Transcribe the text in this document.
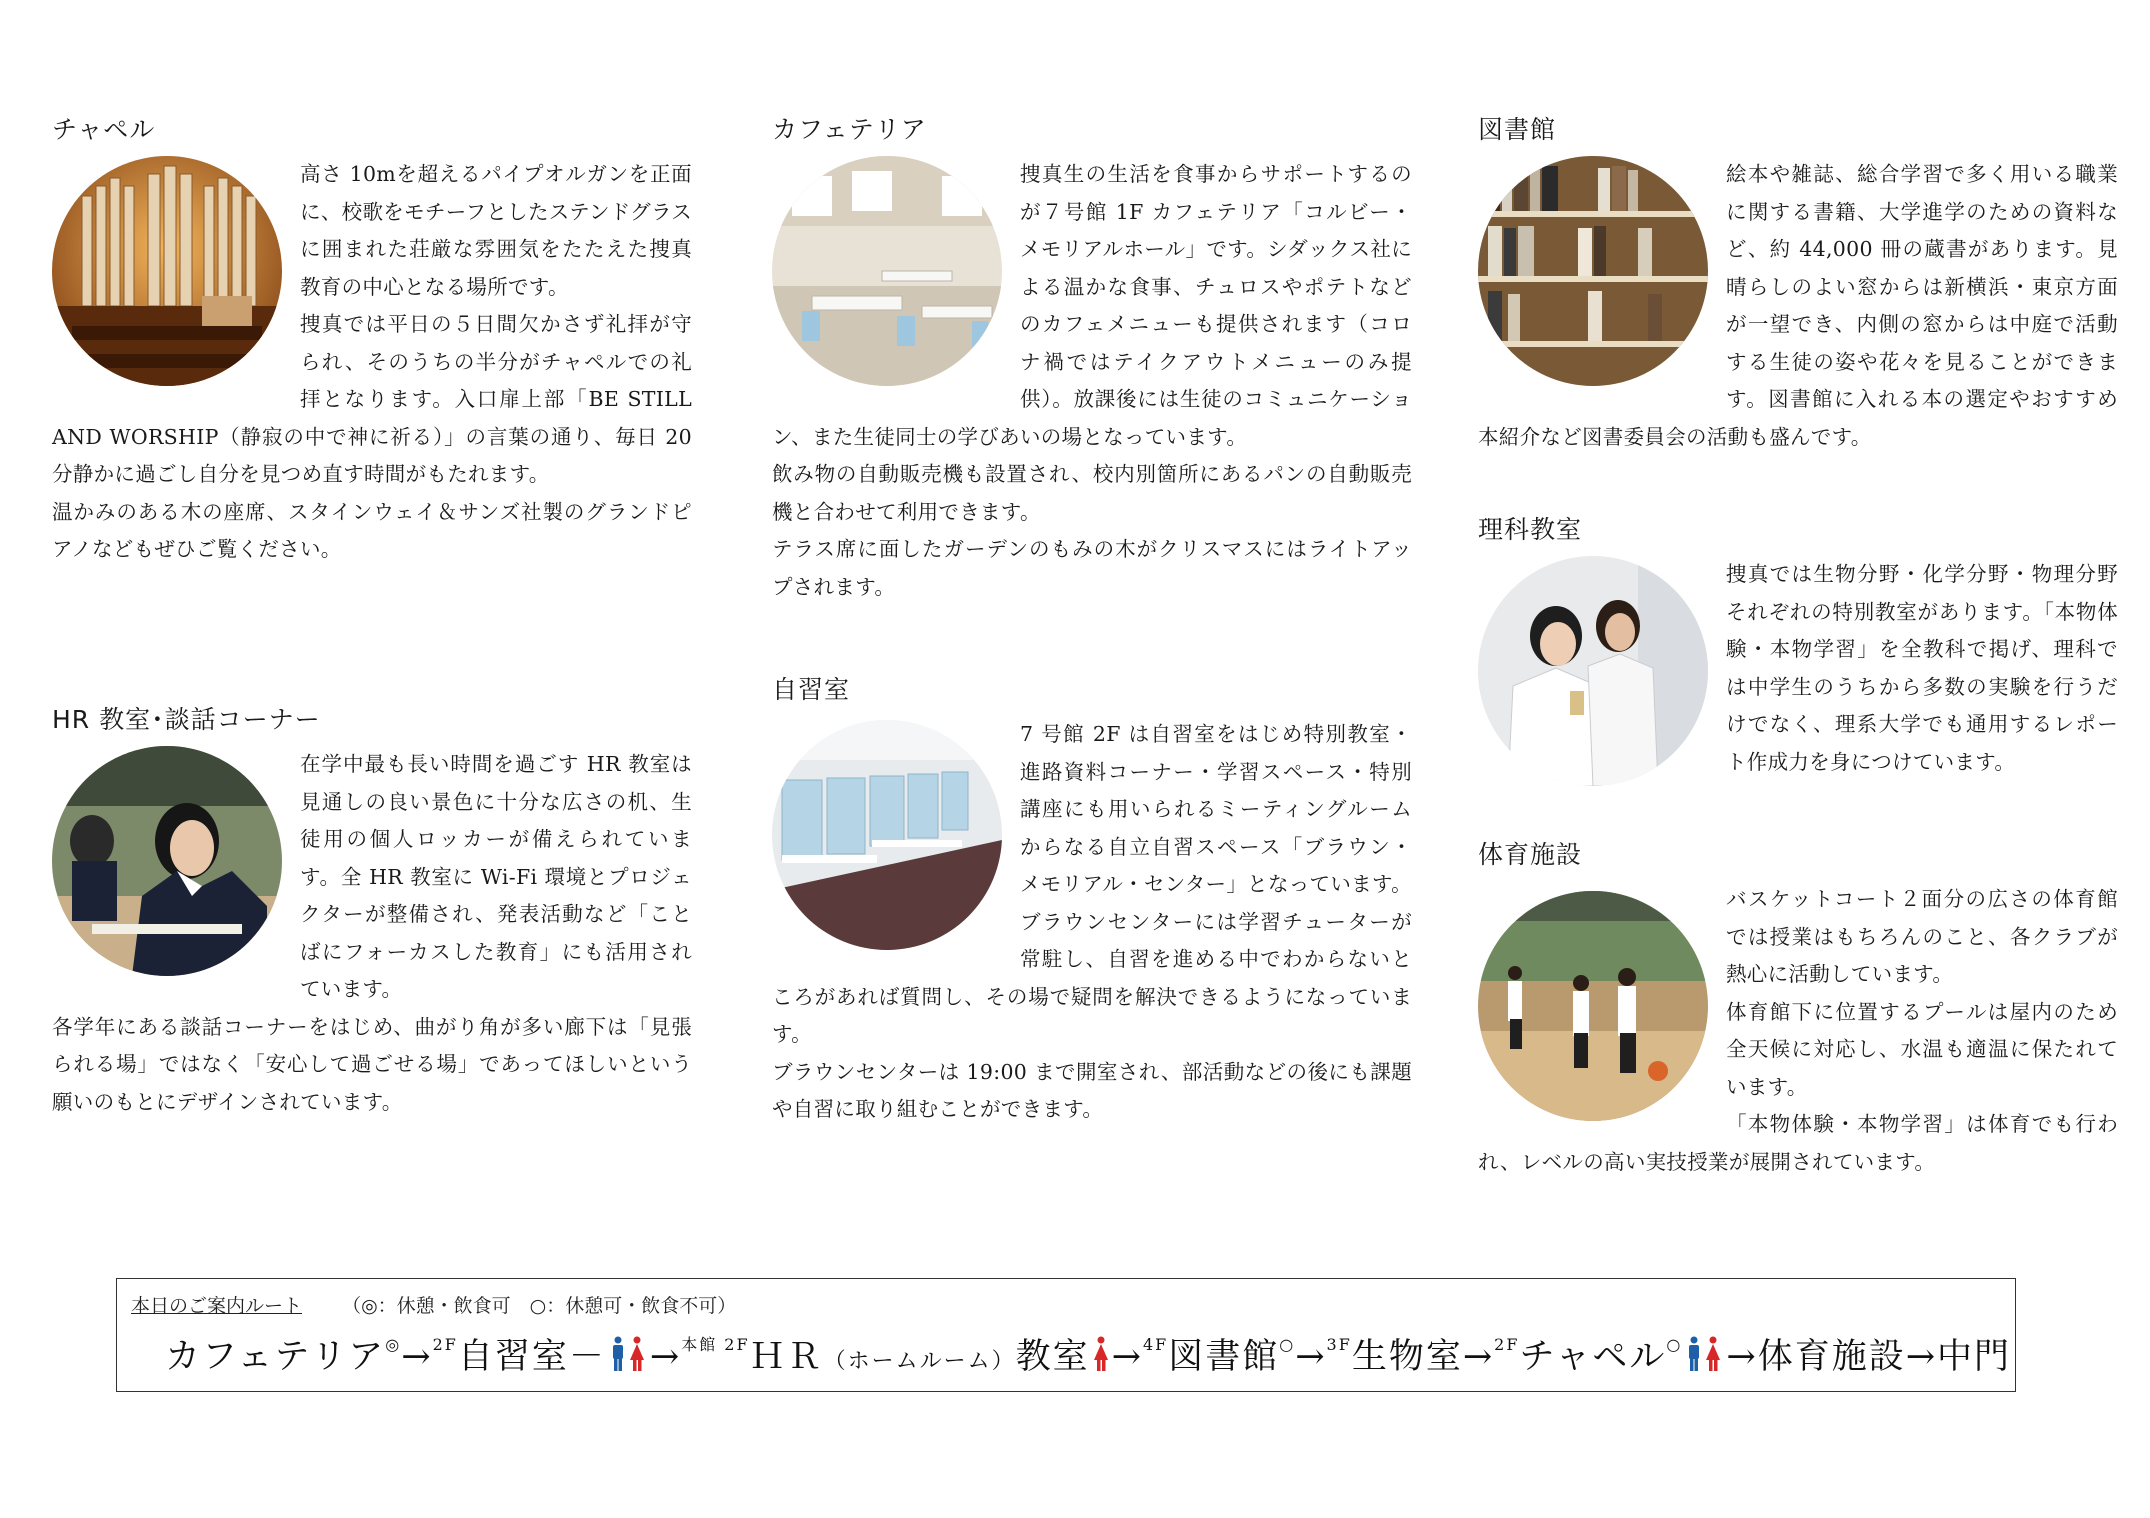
チャペル

高さ 10mを超えるパイプオルガンを正面に、校歌をモチーフとしたステンドグラスに囲まれた荘厳な雰囲気をたたえた捜真教育の中心となる場所です。

捜真では平日の５日間欠かさず礼拝が守られ、そのうちの半分がチャペルでの礼拝となります。入口扉上部「BE STILL AND WORSHIP（静寂の中で神に祈る）」の言葉の通り、毎日 20 分静かに過ごし自分を見つめ直す時間がもたれます。

温かみのある木の座席、スタインウェイ＆サンズ社製のグランドピアノなどもぜひご覧ください。

HR 教室･談話コーナー

在学中最も長い時間を過ごす HR 教室は見通しの良い景色に十分な広さの机、生徒用の個人ロッカーが備えられています。全 HR 教室に Wi-Fi 環境とプロジェクターが整備され、発表活動など「ことばにフォーカスした教育」にも活用されています。

各学年にある談話コーナーをはじめ、曲がり角が多い廊下は「見張られる場」ではなく「安心して過ごせる場」であってほしいという願いのもとにデザインされています。

カフェテリア

捜真生の生活を食事からサポートするのが７号館 1F カフェテリア「コルビー・メモリアルホール」です。シダックス社による温かな食事、チュロスやポテトなどのカフェメニューも提供されます（コロナ禍ではテイクアウトメニューのみ提供）。放課後には生徒のコミュニケーション、また生徒同士の学びあいの場となっています。

飲み物の自動販売機も設置され、校内別箇所にあるパンの自動販売機と合わせて利用できます。

テラス席に面したガーデンのもみの木がクリスマスにはライトアップされます。

自習室

7 号館 2F は自習室をはじめ特別教室・進路資料コーナー・学習スペース・特別講座にも用いられるミーティングルームからなる自立自習スペース「ブラウン・メモリアル・センター」となっています。

ブラウンセンターには学習チューターが常駐し、自習を進める中でわからないところがあれば質問し、その場で疑問を解決できるようになっています。

ブラウンセンターは 19:00 まで開室され、部活動などの後にも課題や自習に取り組むことができます。

図書館

絵本や雑誌、総合学習で多く用いる職業に関する書籍、大学進学のための資料など、約 44,000 冊の蔵書があります。見晴らしのよい窓からは新横浜・東京方面が一望でき、内側の窓からは中庭で活動する生徒の姿や花々を見ることができます。図書館に入れる本の選定やおすすめ本紹介など図書委員会の活動も盛んです。

理科教室

捜真では生物分野・化学分野・物理分野それぞれの特別教室があります。「本物体験・本物学習」を全教科で掲げ、理科では中学生のうちから多数の実験を行うだけでなく、理系大学でも通用するレポート作成力を身につけています。

体育施設

バスケットコート２面分の広さの体育館では授業はもちろんのこと、各クラブが熱心に活動しています。

体育館下に位置するプールは屋内のため全天候に対応し、水温も適温に保たれています。

「本物体験・本物学習」は体育でも行われ、レベルの高い実技授業が展開されています。

本日のご案内ルート （◎：休憩・飲食可　○：休憩可・飲食不可）
カフェテリア◎→$^{2F}$自習室－ →$^{本館 2F}$ＨＲ（ホームルーム）教室 →$^{4F}$図書館○→$^{3F}$生物室→$^{2F}$チャペル○ →体育施設→中門
